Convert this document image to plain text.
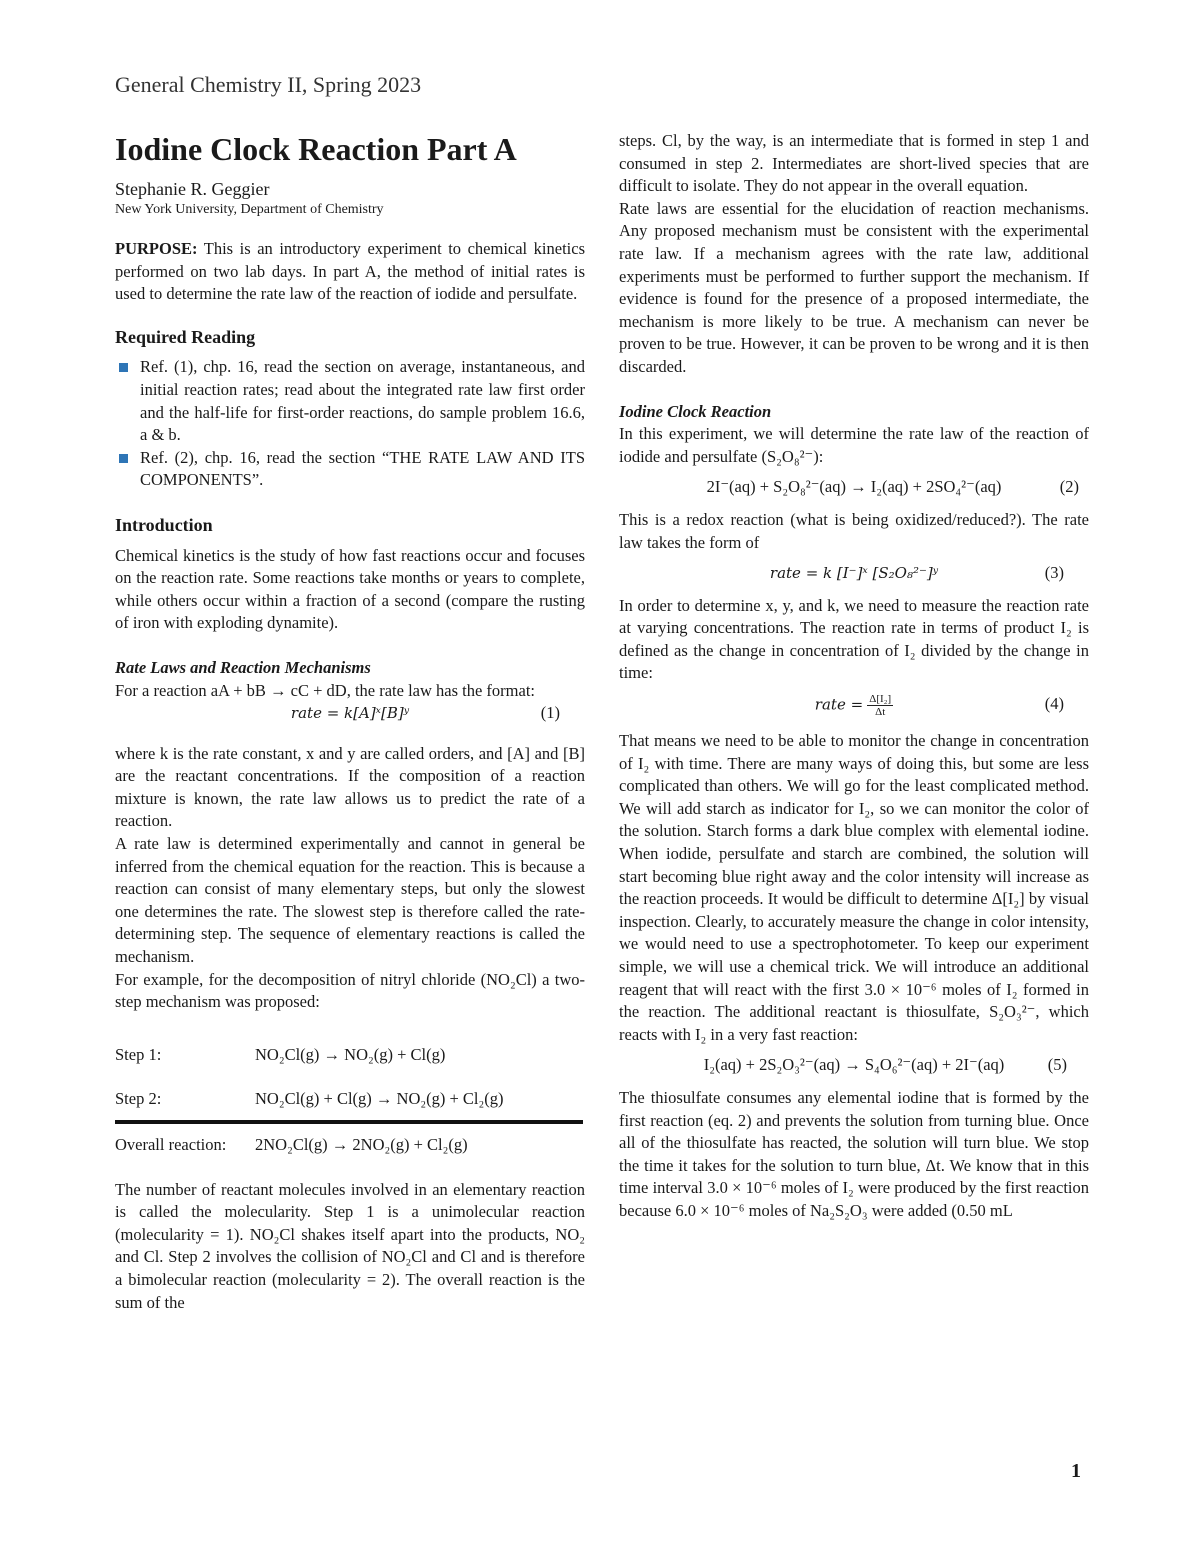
General Chemistry II, Spring 2023
Iodine Clock Reaction Part A
Stephanie R. Geggier
New York University, Department of Chemistry

PURPOSE: This is an introductory experiment to chemical kinetics performed on two lab days. In part A, the method of initial rates is used to determine the rate law of the reaction of iodide and persulfate.

Required Reading
Ref. (1), chp. 16, read the section on average, instantaneous, and initial reaction rates; read about the integrated rate law first order and the half-life for first-order reactions, do sample problem 16.6, a & b.
Ref. (2), chp. 16, read the section “THE RATE LAW AND ITS COMPONENTS”.
Introduction

Chemical kinetics is the study of how fast reactions occur and focuses on the reaction rate. Some reactions take months or years to complete, while others occur within a fraction of a second (compare the rusting of iron with exploding dynamite).

Rate Laws and Reaction Mechanisms

For a reaction aA + bB → cC + dD, the rate law has the format:

rate = k[A]ˣ[B]ʸ	(1)

where k is the rate constant, x and y are called orders, and [A] and [B] are the reactant concentrations. If the composition of a reaction mixture is known, the rate law allows us to predict the rate of a reaction.

A rate law is determined experimentally and cannot in general be inferred from the chemical equation for the reaction. This is because a reaction can consist of many elementary steps, but only the slowest one determines the rate. The slowest step is therefore called the rate-determining step. The sequence of elementary reactions is called the mechanism.

For example, for the decomposition of nitryl chloride (NO₂Cl) a two-step mechanism was proposed:

Step 1:	NO₂Cl(g) → NO₂(g) + Cl(g)
Step 2:	NO₂Cl(g) + Cl(g) → NO₂(g) + Cl₂(g)
Overall reaction:	2NO₂Cl(g) → 2NO₂(g) + Cl₂(g)

The number of reactant molecules involved in an elementary reaction is called the molecularity. Step 1 is a unimolecular reaction (molecularity = 1). NO₂Cl shakes itself apart into the products, NO₂ and Cl. Step 2 involves the collision of NO₂Cl and Cl and is therefore a bimolecular reaction (molecularity = 2). The overall reaction is the sum of the

steps. Cl, by the way, is an intermediate that is formed in step 1 and consumed in step 2. Intermediates are short-lived species that are difficult to isolate. They do not appear in the overall equation.

Rate laws are essential for the elucidation of reaction mechanisms. Any proposed mechanism must be consistent with the experimental rate law. If a mechanism agrees with the rate law, additional experiments must be performed to further support the mechanism. If evidence is found for the presence of a proposed intermediate, the mechanism is more likely to be true. A mechanism can never be proven to be true. However, it can be proven to be wrong and it is then discarded.

Iodine Clock Reaction

In this experiment, we will determine the rate law of the reaction of iodide and persulfate (S₂O₈²⁻):

2I⁻(aq) + S₂O₈²⁻(aq) → I₂(aq) + 2SO₄²⁻(aq)	(2)

This is a redox reaction (what is being oxidized/reduced?). The rate law takes the form of

rate = k [I⁻]ˣ [S₂O₈²⁻]ʸ	(3)

In order to determine x, y, and k, we need to measure the reaction rate at varying concentrations. The reaction rate in terms of product I₂ is defined as the change in concentration of I₂ divided by the change in time:

rate = $\frac{\text{Δ[I₂]}}{\Delta t}$	(4)

That means we need to be able to monitor the change in concentration of I₂ with time. There are many ways of doing this, but some are less complicated than others. We will go for the least complicated method. We will add starch as indicator for I₂, so we can monitor the color of the solution. Starch forms a dark blue complex with elemental iodine. When iodide, persulfate and starch are combined, the solution will start becoming blue right away and the color intensity will increase as the reaction proceeds. It would be difficult to determine Δ[I₂] by visual inspection. Clearly, to accurately measure the change in color intensity, we would need to use a spectrophotometer. To keep our experiment simple, we will use a chemical trick. We will introduce an additional reagent that will react with the first 3.0 × 10⁻⁶ moles of I₂ formed in the reaction. The additional reactant is thiosulfate, S₂O₃²⁻, which reacts with I₂ in a very fast reaction:

I₂(aq) + 2S₂O₃²⁻(aq) → S₄O₆²⁻(aq) + 2I⁻(aq)	(5)

The thiosulfate consumes any elemental iodine that is formed by the first reaction (eq. 2) and prevents the solution from turning blue. Once all of the thiosulfate has reacted, the solution will turn blue. We stop the time it takes for the solution to turn blue, Δt. We know that in this time interval 3.0 × 10⁻⁶ moles of I₂ were produced by the first reaction because 6.0 × 10⁻⁶ moles of Na₂S₂O₃ were added (0.50 mL

1
